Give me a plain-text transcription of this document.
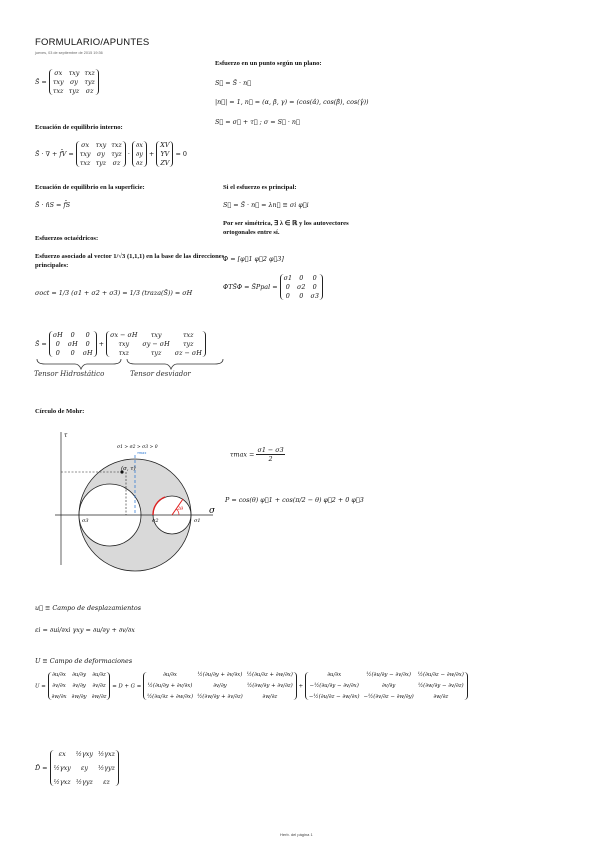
FORMULARIO/APUNTES
jueves, 03 de septiembre de 2015 19:36
S̄ =
σx τxy τxz
τxy σy τyz
τxz τyz σz
Ecuación de equilibrio interno:
S̄ · ∇ + f̄V =
σx τxy τxz
τxy σy τyz
τxz τyz σz
·
∂x
∂y
∂z
+
XV
YV
ZV
= 0
Ecuación de equilibrio en la superficie:
S̄ · n̄S = f̄S
Esfuerzos octaédricos:
Esfuerzo asociado al vector 1/√3 (1,1,1) en la base de las direcciones principales:
σoct = 1/3 (σ1 + σ2 + σ3) = 1/3 (traza(S̄)) = σH
S̄ =
σH	0	0
0	σH	0
0	0	σH
+
σx − σH	τxy	τxz
τxy	σy − σH	τyz
τxz	τyz	σz − σH
Tensor Hidrostático	Tensor desviador
Esfuerzo en un punto según un plano:
S⃗ = S̄ · n⃗
|n⃗| = 1, n⃗ = (α, β, γ) = (cos(α̂), cos(β̂), cos(γ̂))
S⃗ = σ⃗ + τ⃗ ; σ = S⃗ · n⃗
Si el esfuerzo es principal:
S⃗ = S̄ · n⃗ = λn⃗ ≡ σi φ⃗i
Por ser simétrica, ∃ λ ∈ ℝ y los autovectores ortogonales entre sí.
Φ = [φ⃗1 φ⃗2 φ⃗3]
ΦTS̄Φ = S̄Ppal =
σ1	0	0
0	σ2	0
0	0	σ3
Círculo de Mohr:
τ
σ
σ1 > σ2 > σ3 > 0
τmax
(σ, τ)
σ3	σ2	σ1
2θ
$\tau\max = \frac{\sigma 1 - \sigma 3}{2}$
P = cos(θ) φ⃗1 + cos(π/2 − θ) φ⃗2 + 0 φ⃗3
u⃗ ≡ Campo de desplazamientos
εi = ∂ui/∂xi γxy = ∂u/∂y + ∂v/∂x
U ≡ Campo de deformaciones
U =
∂u/∂x ∂u/∂y ∂u/∂z
∂v/∂x ∂v/∂y ∂v/∂z
∂w/∂x ∂w/∂y ∂w/∂z
= D + G =
∂u/∂x	½(∂u/∂y + ∂v/∂x) ½(∂u/∂z + ∂w/∂x)
½(∂u/∂y + ∂v/∂x)	∂v/∂y	½(∂w/∂y + ∂v/∂z)
½(∂u/∂z + ∂w/∂x) ½(∂w/∂y + ∂v/∂z)	∂w/∂z
+
∂u/∂x	½(∂u/∂y − ∂v/∂x)	½(∂u/∂z − ∂w/∂x)
−½(∂u/∂y − ∂v/∂x)	∂v/∂y	½(∂w/∂y − ∂v/∂z)
−½(∂u/∂z − ∂w/∂x) −½(∂v/∂z − ∂w/∂y)	∂w/∂z
D̄ =
εx	½γxy ½γxz
½γxy	εy	½γyz
½γxz ½γyz	εz
Herb. del página 1
